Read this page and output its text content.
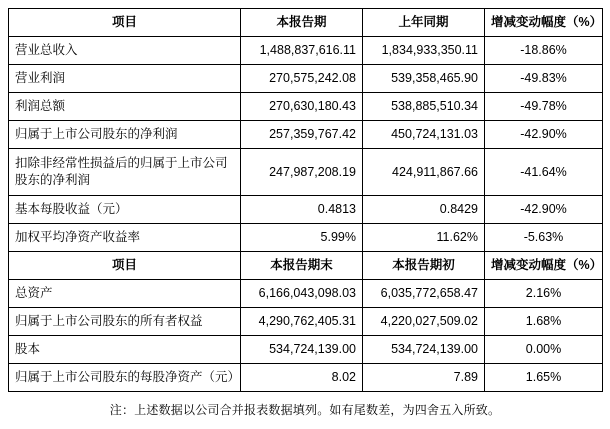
项目	本报告期	上年同期	增减变动幅度（%）
营业总收入	1,488,837,616.11	1,834,933,350.11	-18.86%
营业利润	270,575,242.08	539,358,465.90	-49.83%
利润总额	270,630,180.43	538,885,510.34	-49.78%
归属于上市公司股东的净利润	257,359,767.42	450,724,131.03	-42.90%
扣除非经常性损益后的归属于上市公司股东的净利润	247,987,208.19	424,911,867.66	-41.64%
基本每股收益（元）	0.4813	0.8429	-42.90%
加权平均净资产收益率	5.99%	11.62%	-5.63%
项目	本报告期末	本报告期初	增减变动幅度（%）
总资产	6,166,043,098.03	6,035,772,658.47	2.16%
归属于上市公司股东的所有者权益	4,290,762,405.31	4,220,027,509.02	1.68%
股本	534,724,139.00	534,724,139.00	0.00%
归属于上市公司股东的每股净资产（元）	8.02	7.89	1.65%
注：上述数据以公司合并报表数据填列。如有尾数差，为四舍五入所致。
